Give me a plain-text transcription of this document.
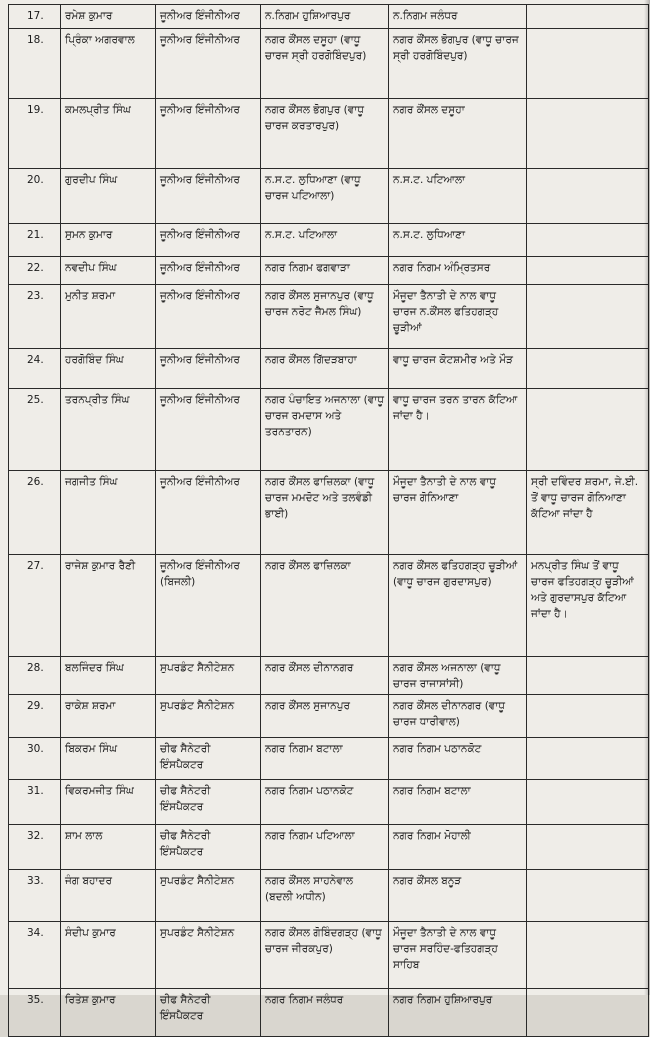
17.	ਰਮੇਸ਼ ਕੁਮਾਰ	ਜੂਨੀਅਰ ਇੰਜੀਨੀਅਰ	ਨ.ਨਿਗਮ ਹੁਸ਼ਿਆਰਪੁਰ	ਨ.ਨਿਗਮ ਜਲੰਧਰ	
18.	ਪ੍ਰਿੰਕਾ ਅਗਰਵਾਲ	ਜੂਨੀਅਰ ਇੰਜੀਨੀਅਰ	ਨਗਰ ਕੌਂਸਲ ਦਸੂਹਾ (ਵਾਧੂ ਚਾਰਜ ਸ੍ਰੀ ਹਰਗੋਬਿੰਦਪੁਰ)	ਨਗਰ ਕੌਂਸਲ ਭੋਗਪੁਰ (ਵਾਧੂ ਚਾਰਜ ਸ੍ਰੀ ਹਰਗੋਬਿੰਦਪੁਰ)	
19.	ਕਮਲਪ੍ਰੀਤ ਸਿੰਘ	ਜੂਨੀਅਰ ਇੰਜੀਨੀਅਰ	ਨਗਰ ਕੌਂਸਲ ਭੋਗਪੁਰ (ਵਾਧੂ ਚਾਰਜ ਕਰਤਾਰਪੁਰ)	ਨਗਰ ਕੌਂਸਲ ਦਸੂਹਾ	
20.	ਗੁਰਦੀਪ ਸਿੰਘ	ਜੂਨੀਅਰ ਇੰਜੀਨੀਅਰ	ਨ.ਸ.ਟ. ਲੁਧਿਆਣਾ (ਵਾਧੂ ਚਾਰਜ ਪਟਿਆਲਾ)	ਨ.ਸ.ਟ. ਪਟਿਆਲਾ	
21.	ਸੁਮਨ ਕੁਮਾਰ	ਜੂਨੀਅਰ ਇੰਜੀਨੀਅਰ	ਨ.ਸ.ਟ. ਪਟਿਆਲਾ	ਨ.ਸ.ਟ. ਲੁਧਿਆਣਾ	
22.	ਨਵਦੀਪ ਸਿੰਘ	ਜੂਨੀਅਰ ਇੰਜੀਨੀਅਰ	ਨਗਰ ਨਿਗਮ ਫਗਵਾੜਾ	ਨਗਰ ਨਿਗਮ ਅੰਮ੍ਰਿਤਸਰ	
23.	ਮੁਨੀਤ ਸ਼ਰਮਾ	ਜੂਨੀਅਰ ਇੰਜੀਨੀਅਰ	ਨਗਰ ਕੌਂਸਲ ਸੁਜਾਨਪੁਰ (ਵਾਧੂ ਚਾਰਜ ਨਰੋਟ ਜੈਮਲ ਸਿੰਘ)	ਮੌਜੂਦਾ ਤੈਨਾਤੀ ਦੇ ਨਾਲ ਵਾਧੂ ਚਾਰਜ ਨ.ਕੌਂਸਲ ਫਤਿਹਗੜ੍ਹ ਚੂੜੀਆਂ	
24.	ਹਰਗੋਬਿੰਦ ਸਿੰਘ	ਜੂਨੀਅਰ ਇੰਜੀਨੀਅਰ	ਨਗਰ ਕੌਂਸਲ ਗਿੱਦੜਬਾਹਾ	ਵਾਧੂ ਚਾਰਜ ਕੋਟਸ਼ਮੀਰ ਅਤੇ ਮੌੜ	
25.	ਤਰਨਪ੍ਰੀਤ ਸਿੰਘ	ਜੂਨੀਅਰ ਇੰਜੀਨੀਅਰ	ਨਗਰ ਪੰਚਾਇਤ ਅਜਨਾਲਾ (ਵਾਧੂ ਚਾਰਜ ਰਮਦਾਸ ਅਤੇ ਤਰਨਤਾਰਨ)	ਵਾਧੂ ਚਾਰਜ ਤਰਨ ਤਾਰਨ ਕੱਟਿਆ ਜਾਂਦਾ ਹੈ।	
26.	ਜਗਜੀਤ ਸਿੰਘ	ਜੂਨੀਅਰ ਇੰਜੀਨੀਅਰ	ਨਗਰ ਕੌਂਸਲ ਫਾਜ਼ਿਲਕਾ (ਵਾਧੂ ਚਾਰਜ ਮਮਦੋਟ ਅਤੇ ਤਲਵੰਡੀ ਭਾਈ)	ਮੌਜੂਦਾ ਤੈਨਾਤੀ ਦੇ ਨਾਲ ਵਾਧੂ ਚਾਰਜ ਗੋਨਿਆਣਾ	ਸ੍ਰੀ ਦਵਿੰਦਰ ਸ਼ਰਮਾ, ਜੇ.ਈ. ਤੋਂ ਵਾਧੂ ਚਾਰਜ ਗੋਨਿਆਣਾ ਕੱਟਿਆ ਜਾਂਦਾ ਹੈ
27.	ਰਾਜੇਸ਼ ਕੁਮਾਰ ਰੈਣੀ	ਜੂਨੀਅਰ ਇੰਜੀਨੀਅਰ (ਬਿਜਲੀ)	ਨਗਰ ਕੌਂਸਲ ਫਾਜ਼ਿਲਕਾ	ਨਗਰ ਕੌਂਸਲ ਫਤਿਹਗੜ੍ਹ ਚੂੜੀਆਂ (ਵਾਧੂ ਚਾਰਜ ਗੁਰਦਾਸਪੁਰ)	ਮਨਪ੍ਰੀਤ ਸਿੰਘ ਤੋਂ ਵਾਧੂ ਚਾਰਜ ਫਤਿਹਗੜ੍ਹ ਚੂੜੀਆਂ ਅਤੇ ਗੁਰਦਾਸਪੁਰ ਕੱਟਿਆ ਜਾਂਦਾ ਹੈ।
28.	ਬਲਜਿੰਦਰ ਸਿੰਘ	ਸੁਪਰਡੰਟ ਸੈਨੀਟੇਸ਼ਨ	ਨਗਰ ਕੌਂਸਲ ਦੀਨਾਨਗਰ	ਨਗਰ ਕੌਂਸਲ ਅਜਨਾਲਾ (ਵਾਧੂ ਚਾਰਜ ਰਾਜਾਸਾਂਸੀ)	
29.	ਰਾਕੇਸ਼ ਸ਼ਰਮਾ	ਸੁਪਰਡੰਟ ਸੈਨੀਟੇਸ਼ਨ	ਨਗਰ ਕੌਂਸਲ ਸੁਜਾਨਪੁਰ	ਨਗਰ ਕੌਂਸਲ ਦੀਨਾਨਗਰ (ਵਾਧੂ ਚਾਰਜ ਧਾਰੀਵਾਲ)	
30.	ਬਿਕਰਮ ਸਿੰਘ	ਚੀਫ ਸੈਨੇਟਰੀ ਇੰਸਪੈਕਟਰ	ਨਗਰ ਨਿਗਮ ਬਟਾਲਾ	ਨਗਰ ਨਿਗਮ ਪਠਾਨਕੋਟ	
31.	ਵਿਕਰਮਜੀਤ ਸਿੰਘ	ਚੀਫ ਸੈਨੇਟਰੀ ਇੰਸਪੈਕਟਰ	ਨਗਰ ਨਿਗਮ ਪਠਾਨਕੋਟ	ਨਗਰ ਨਿਗਮ ਬਟਾਲਾ	
32.	ਸ਼ਾਮ ਲਾਲ	ਚੀਫ ਸੈਨੇਟਰੀ ਇੰਸਪੈਕਟਰ	ਨਗਰ ਨਿਗਮ ਪਟਿਆਲਾ	ਨਗਰ ਨਿਗਮ ਮੋਹਾਲੀ	
33.	ਜੰਗ ਬਹਾਦਰ	ਸੁਪਰਡੰਟ ਸੈਨੀਟੇਸ਼ਨ	ਨਗਰ ਕੌਂਸਲ ਸਾਹਨੇਵਾਲ (ਬਦਲੀ ਅਧੀਨ)	ਨਗਰ ਕੌਂਸਲ ਬਨੂੜ	
34.	ਸੰਦੀਪ ਕੁਮਾਰ	ਸੁਪਰਡੰਟ ਸੈਨੀਟੇਸ਼ਨ	ਨਗਰ ਕੌਂਸਲ ਗੋਬਿੰਦਗੜ੍ਹ (ਵਾਧੂ ਚਾਰਜ ਜੀਰਕਪੁਰ)	ਮੌਜੂਦਾ ਤੈਨਾਤੀ ਦੇ ਨਾਲ ਵਾਧੂ ਚਾਰਜ ਸਰਹਿੰਦ-ਫਤਿਹਗੜ੍ਹ ਸਾਹਿਬ	
35.	ਰਿਤੇਸ਼ ਕੁਮਾਰ	ਚੀਫ ਸੈਨੇਟਰੀ ਇੰਸਪੈਕਟਰ	ਨਗਰ ਨਿਗਮ ਜਲੰਧਰ	ਨਗਰ ਨਿਗਮ ਹੁਸ਼ਿਆਰਪੁਰ	
